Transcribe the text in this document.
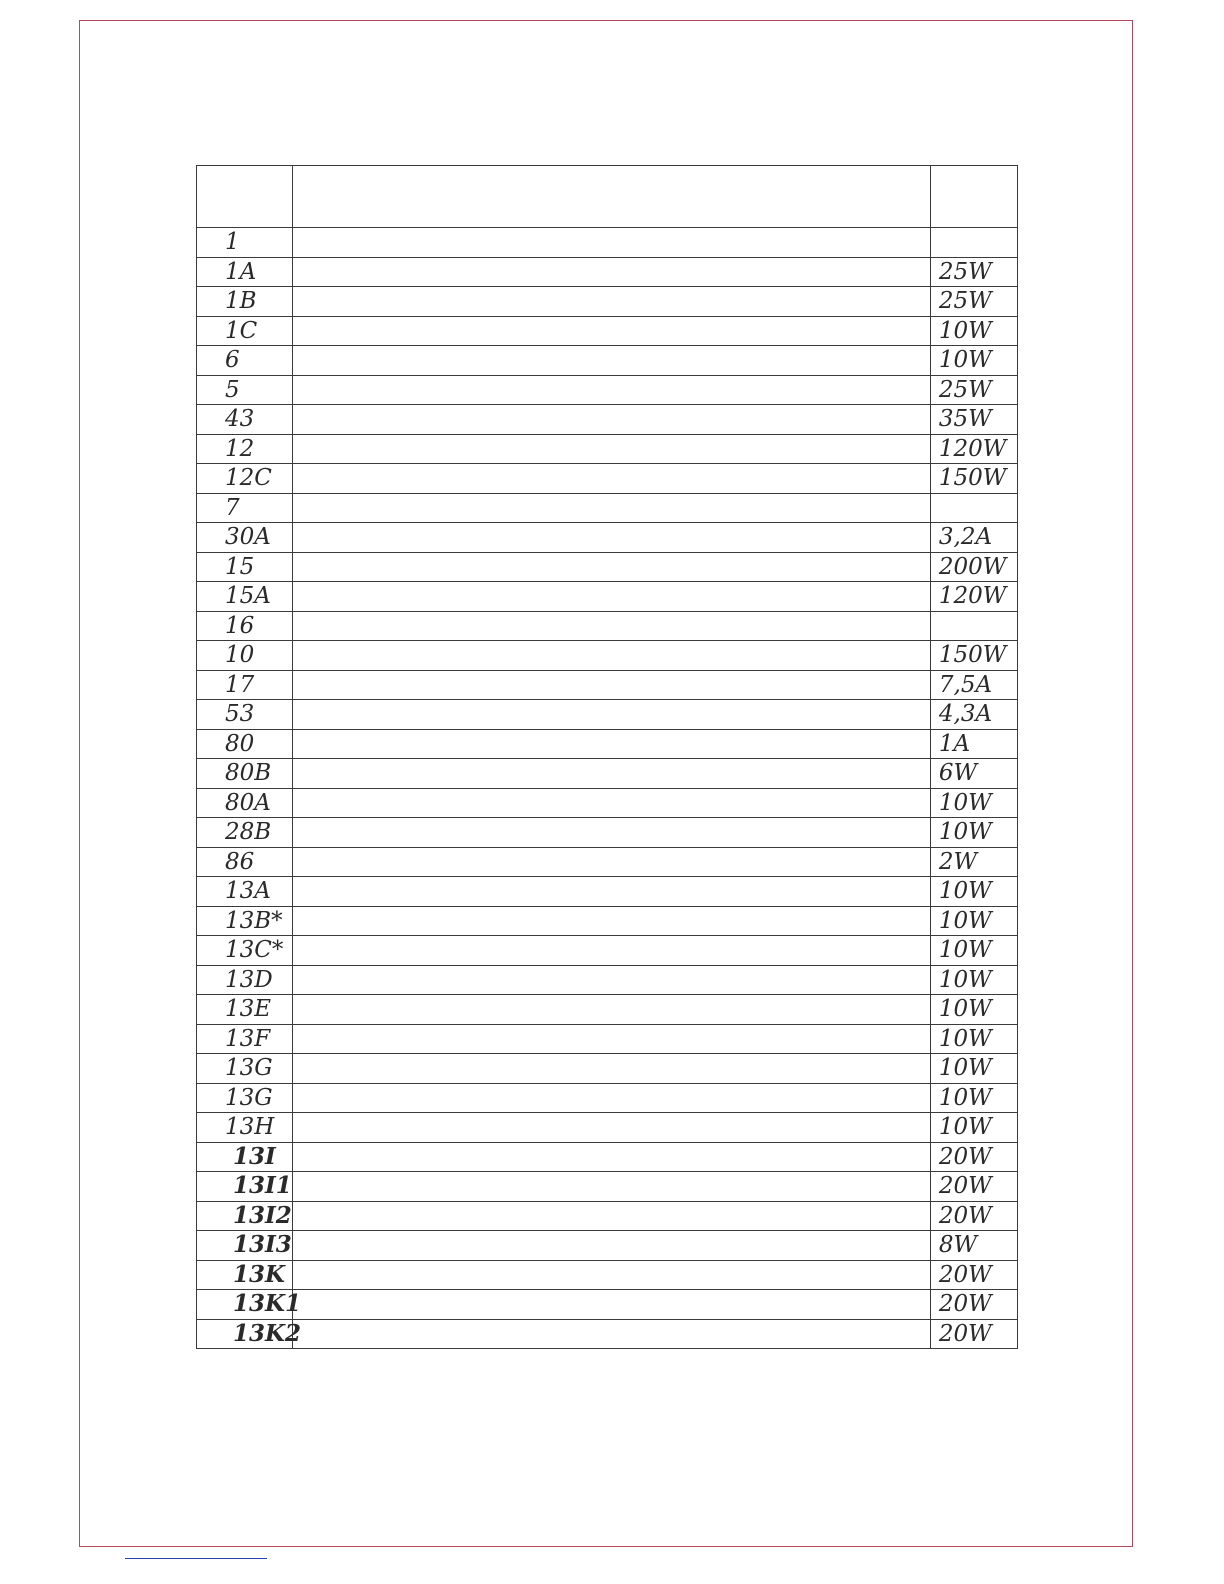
1		
1A		25W
1B		25W
1C		10W
6		10W
5		25W
43		35W
12		120W
12C		150W
7		
30A		3,2A
15		200W
15A		120W
16		
10		150W
17		7,5A
53		4,3A
80		1A
80B		6W
80A		10W
28B		10W
86		2W
13A		10W
13B*		10W
13C*		10W
13D		10W
13E		10W
13F		10W
13G		10W
13G		10W
13H		10W
13I		20W
13I1		20W
13I2		20W
13I3		8W
13K		20W
13K1		20W
13K2		20W
